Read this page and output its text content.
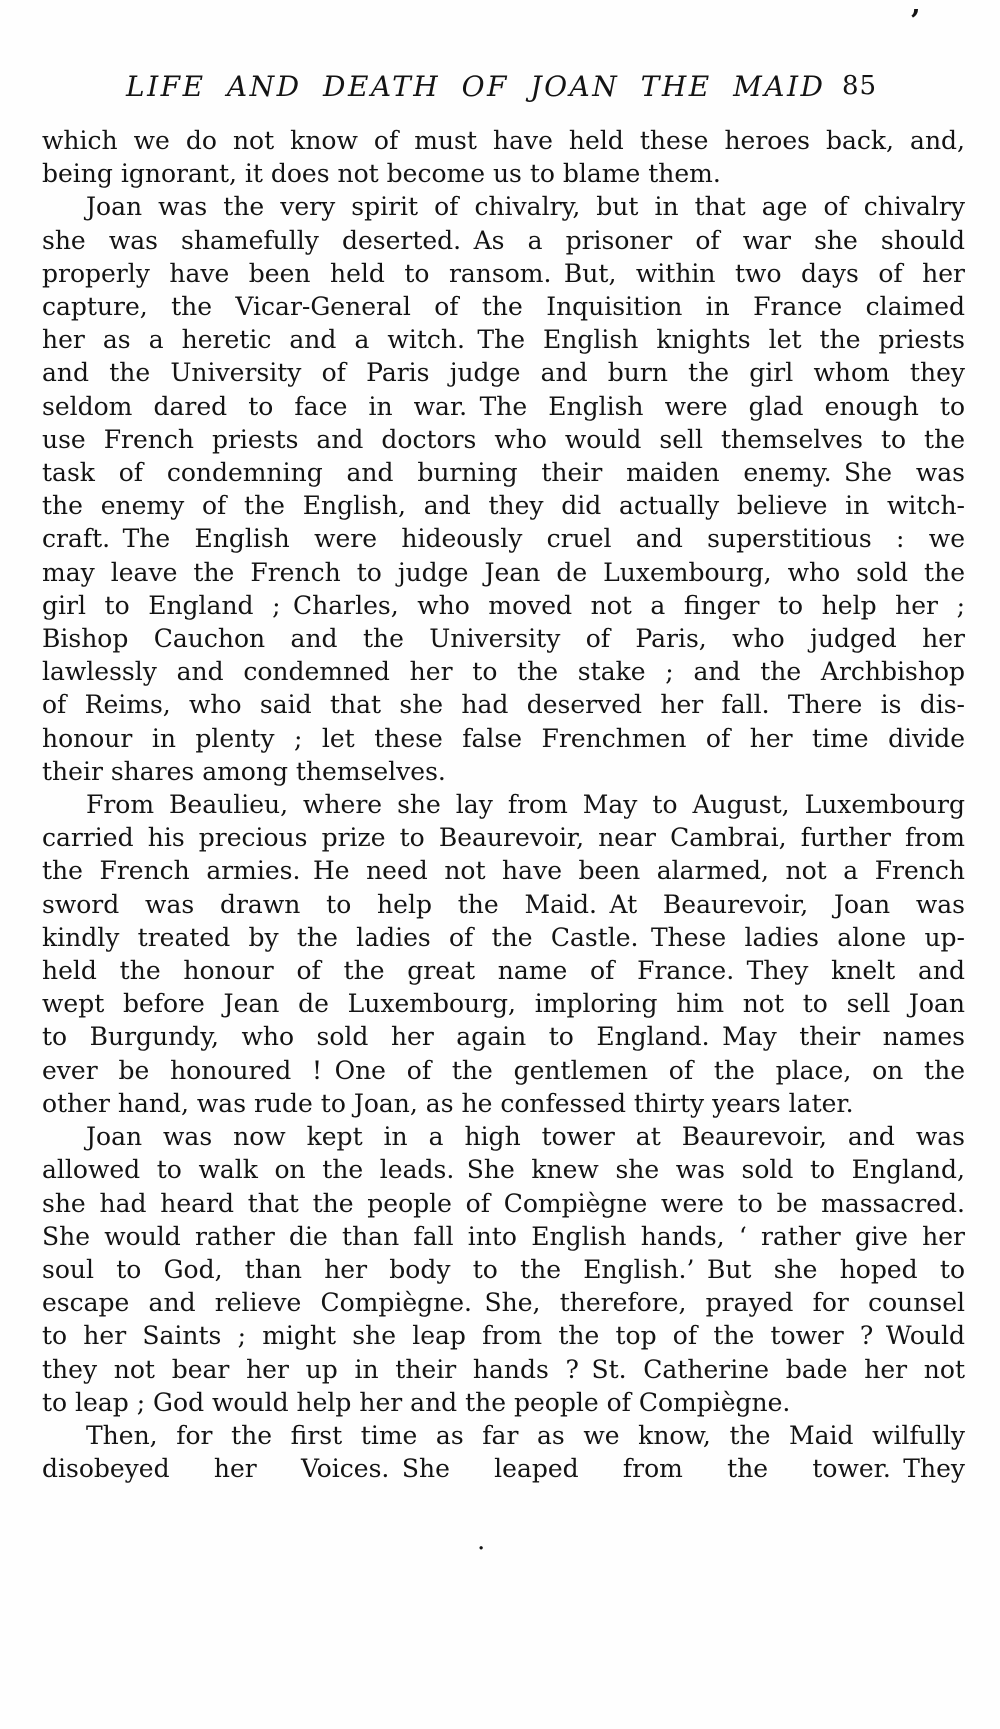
’
LIFE AND DEATH OF JOAN THE MAID 85

which we do not know of must have held these heroes back, and,
being ignorant, it does not become us to blame them.

Joan was the very spirit of chivalry, but in that age of chivalry
she was shamefully deserted. As a prisoner of war she should
properly have been held to ransom. But, within two days of her
capture, the Vicar-General of the Inquisition in France claimed
her as a heretic and a witch. The English knights let the priests
and the University of Paris judge and burn the girl whom they
seldom dared to face in war. The English were glad enough to
use French priests and doctors who would sell themselves to the
task of condemning and burning their maiden enemy. She was
the enemy of the English, and they did actually believe in witch-
craft. The English were hideously cruel and superstitious : we
may leave the French to judge Jean de Luxembourg, who sold the
girl to England ; Charles, who moved not a finger to help her ;
Bishop Cauchon and the University of Paris, who judged her
lawlessly and condemned her to the stake ; and the Archbishop
of Reims, who said that she had deserved her fall. There is dis-
honour in plenty ; let these false Frenchmen of her time divide
their shares among themselves.

From Beaulieu, where she lay from May to August, Luxembourg
carried his precious prize to Beaurevoir, near Cambrai, further from
the French armies. He need not have been alarmed, not a French
sword was drawn to help the Maid. At Beaurevoir, Joan was
kindly treated by the ladies of the Castle. These ladies alone up-
held the honour of the great name of France. They knelt and
wept before Jean de Luxembourg, imploring him not to sell Joan
to Burgundy, who sold her again to England. May their names
ever be honoured ! One of the gentlemen of the place, on the
other hand, was rude to Joan, as he confessed thirty years later.

Joan was now kept in a high tower at Beaurevoir, and was
allowed to walk on the leads. She knew she was sold to England,
she had heard that the people of Compiègne were to be massacred.
She would rather die than fall into English hands, ‘ rather give her
soul to God, than her body to the English.’ But she hoped to
escape and relieve Compiègne. She, therefore, prayed for counsel
to her Saints ; might she leap from the top of the tower ? Would
they not bear her up in their hands ? St. Catherine bade her not
to leap ; God would help her and the people of Compiègne.

Then, for the first time as far as we know, the Maid wilfully
disobeyed her Voices. She leaped from the tower. They

.
